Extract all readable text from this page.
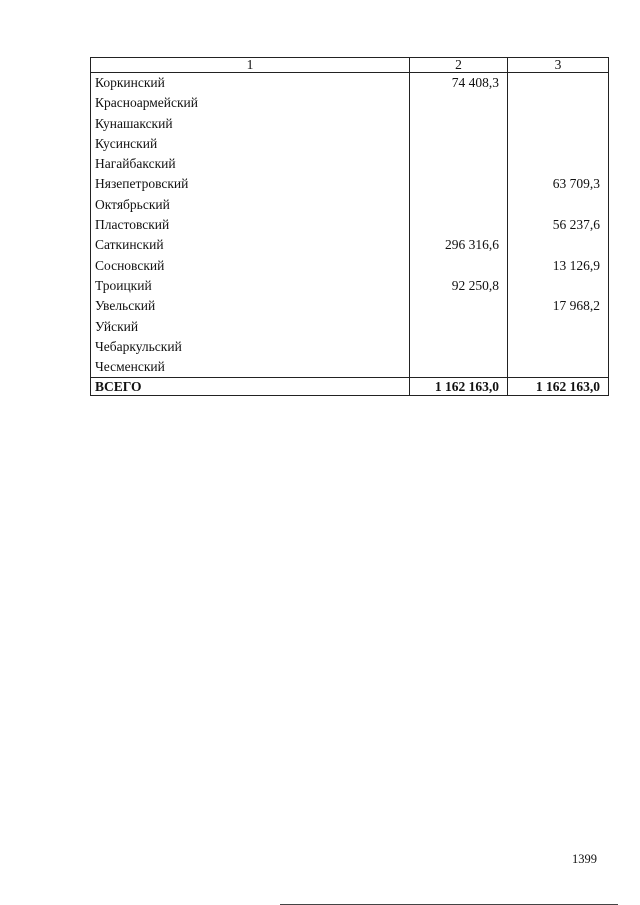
1	2	3
Коркинский	74 408,3	
Красноармейский		
Кунашакский		
Кусинский		
Нагайбакский		
Нязепетровский		63 709,3
Октябрьский		
Пластовский		56 237,6
Саткинский	296 316,6	
Сосновский		13 126,9
Троицкий	92 250,8	
Увельский		17 968,2
Уйский		
Чебаркульский		
Чесменский		
ВСЕГО	1 162 163,0	1 162 163,0
1399
